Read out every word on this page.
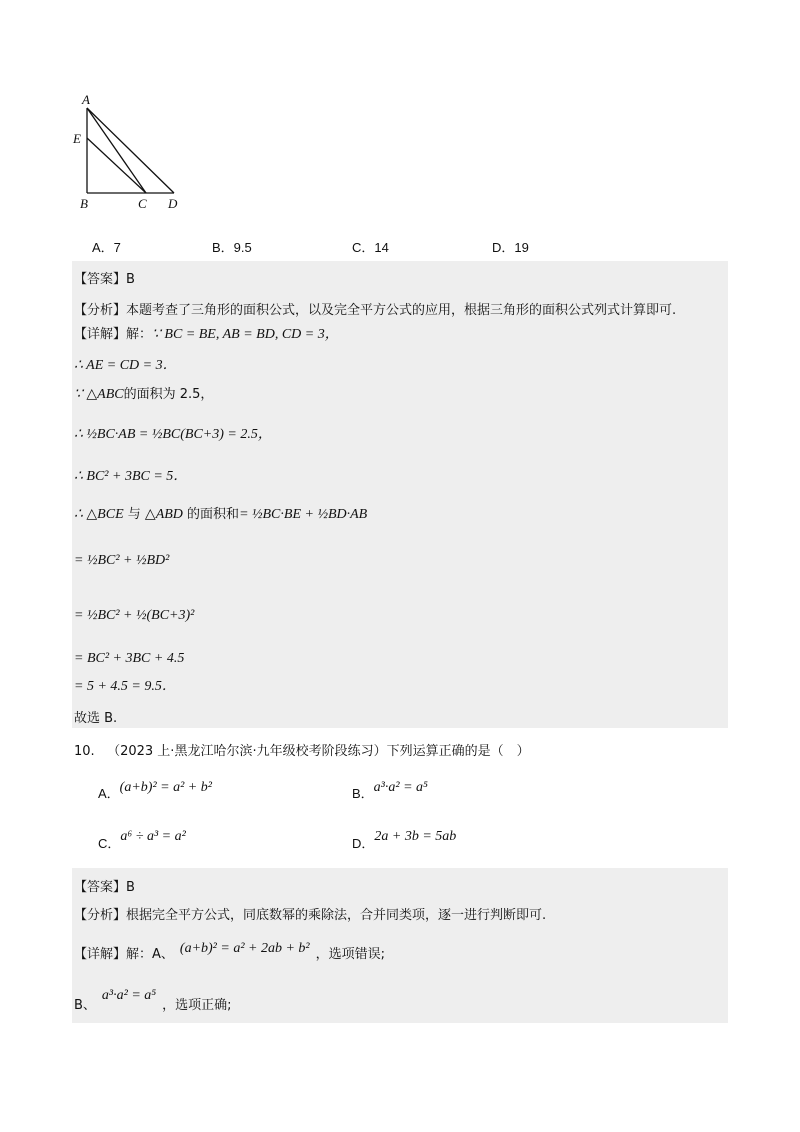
A
E
B	C D
A．7	B．9.5	C．14	D．19
【答案】B
【分析】本题考查了三角形的面积公式，以及完全平方公式的应用，根据三角形的面积公式列式计算即可.
【详解】解：∵ BC = BE, AB = BD, CD = 3，
∴ AE = CD = 3．
∵ △ABC的面积为 2.5，
∴ ½BC·AB = ½BC(BC+3) = 2.5，
∴ BC² + 3BC = 5．
∴ △BCE 与 △ABD 的面积和= ½BC·BE + ½BD·AB
= ½BC² + ½BD²
= ½BC² + ½(BC+3)²
= BC² + 3BC + 4.5
= 5 + 4.5 = 9.5．
故选 B.
10. （2023 上·黑龙江哈尔滨·九年级校考阶段练习）下列运算正确的是（　）
A．(a+b)² = a² + b²	B．a³·a² = a⁵
C．a⁶ ÷ a³ = a²	D．2a + 3b = 5ab
【答案】B
【分析】根据完全平方公式，同底数幂的乘除法，合并同类项，逐一进行判断即可.
【详解】解：A、 (a+b)² = a² + 2ab + b² ，选项错误;
B、a³·a² = a⁵，选项正确;
